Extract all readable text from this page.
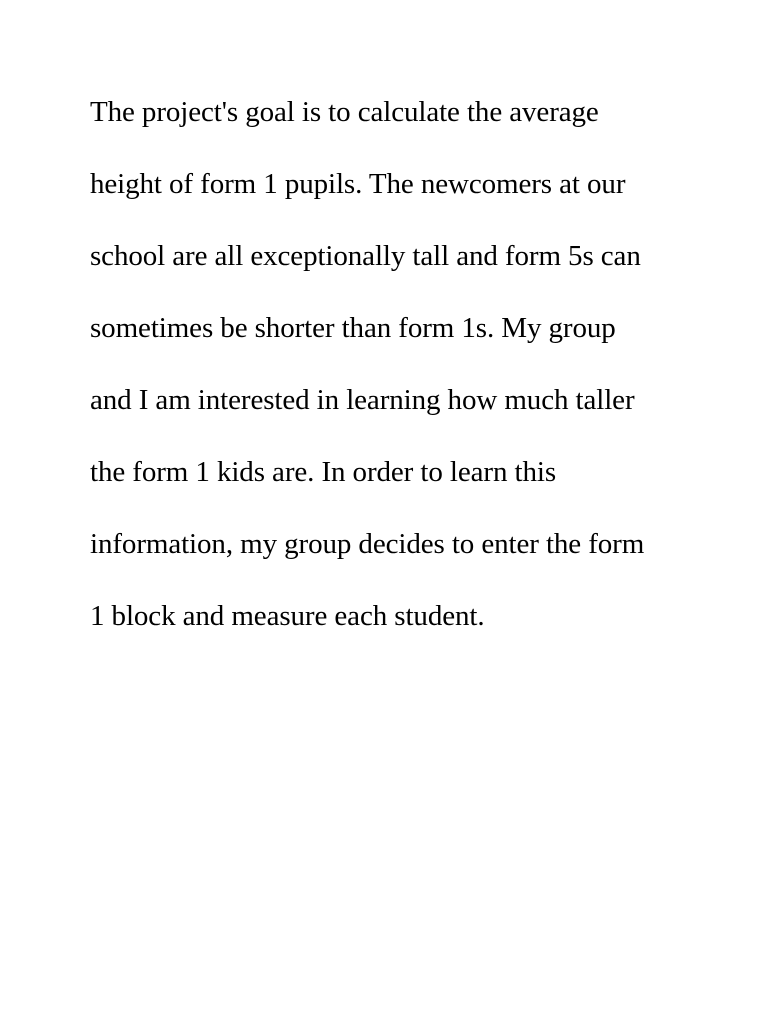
The project's goal is to calculate the average
height of form 1 pupils. The newcomers at our
school are all exceptionally tall and form 5s can
sometimes be shorter than form 1s. My group
and I am interested in learning how much taller
the form 1 kids are. In order to learn this
information, my group decides to enter the form
1 block and measure each student.
